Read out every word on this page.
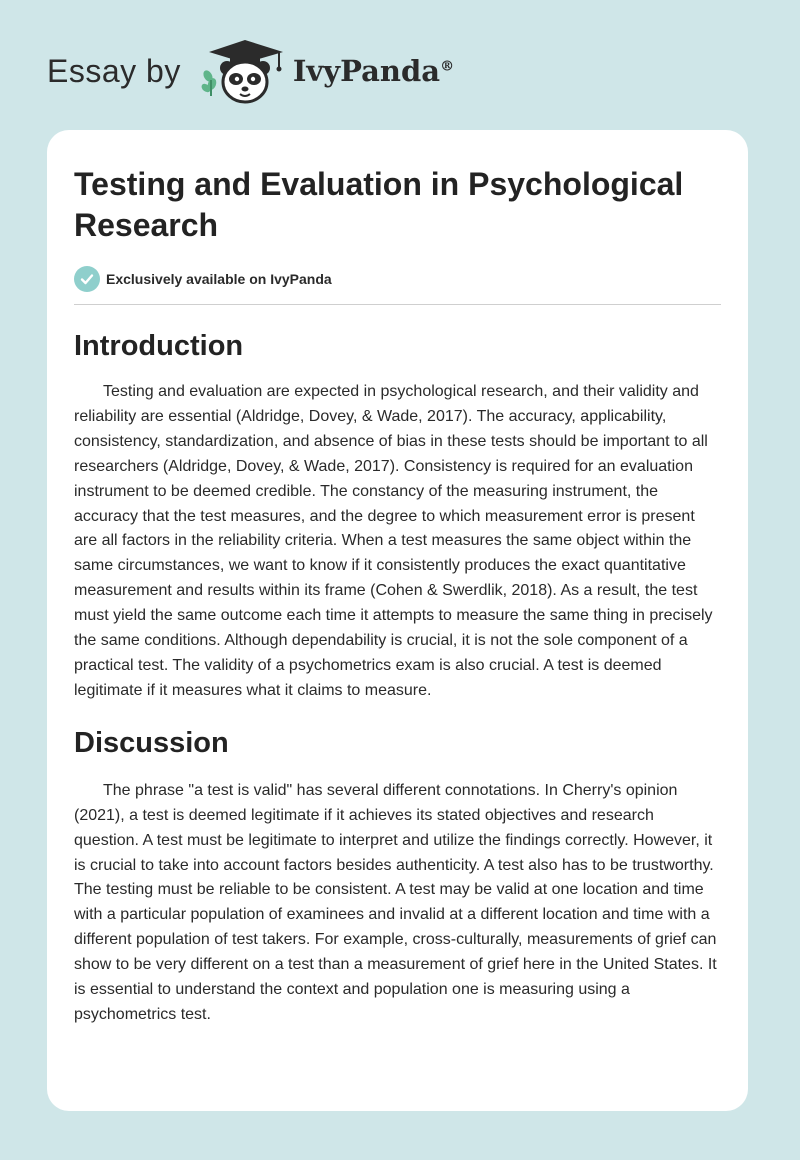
Essay by	IvyPanda®
Testing and Evaluation in Psychological Research
Exclusively available on IvyPanda
Introduction

Testing and evaluation are expected in psychological research, and their validity and reliability are essential (Aldridge, Dovey, & Wade, 2017). The accuracy, applicability, consistency, standardization, and absence of bias in these tests should be important to all researchers (Aldridge, Dovey, & Wade, 2017). Consistency is required for an evaluation instrument to be deemed credible. The constancy of the measuring instrument, the accuracy that the test measures, and the degree to which measurement error is present are all factors in the reliability criteria. When a test measures the same object within the same circumstances, we want to know if it consistently produces the exact quantitative measurement and results within its frame (Cohen & Swerdlik, 2018). As a result, the test must yield the same outcome each time it attempts to measure the same thing in precisely the same conditions. Although dependability is crucial, it is not the sole component of a practical test. The validity of a psychometrics exam is also crucial. A test is deemed legitimate if it measures what it claims to measure.

Discussion

The phrase "a test is valid" has several different connotations. In Cherry's opinion (2021), a test is deemed legitimate if it achieves its stated objectives and research question. A test must be legitimate to interpret and utilize the findings correctly. However, it is crucial to take into account factors besides authenticity. A test also has to be trustworthy. The testing must be reliable to be consistent. A test may be valid at one location and time with a particular population of examinees and invalid at a different location and time with a different population of test takers. For example, cross-culturally, measurements of grief can show to be very different on a test than a measurement of grief here in the United States. It is essential to understand the context and population one is measuring using a psychometrics test.
